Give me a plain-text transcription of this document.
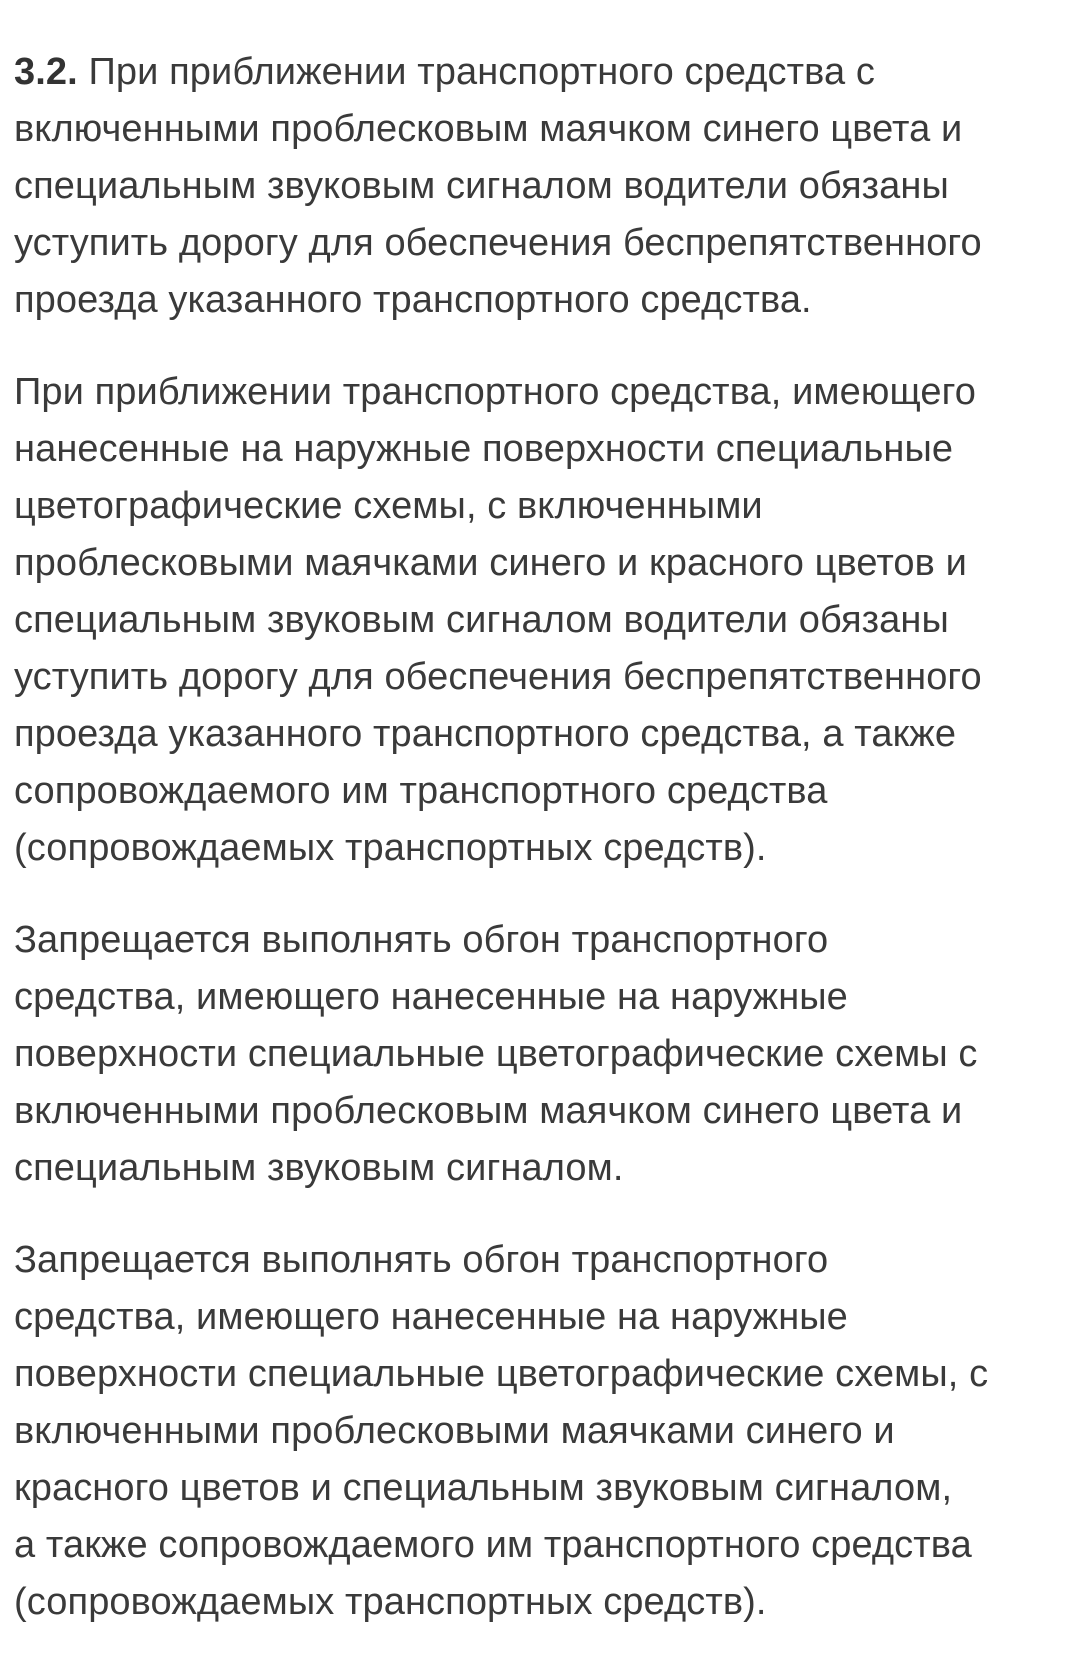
3.2. При приближении транспортного средства с
включенными проблесковым маячком синего цвета и
специальным звуковым сигналом водители обязаны
уступить дорогу для обеспечения беспрепятственного
проезда указанного транспортного средства.

При приближении транспортного средства, имеющего
нанесенные на наружные поверхности специальные
цветографические схемы, с включенными
проблесковыми маячками синего и красного цветов и
специальным звуковым сигналом водители обязаны
уступить дорогу для обеспечения беспрепятственного
проезда указанного транспортного средства, а также
сопровождаемого им транспортного средства
(сопровождаемых транспортных средств).

Запрещается выполнять обгон транспортного
средства, имеющего нанесенные на наружные
поверхности специальные цветографические схемы с
включенными проблесковым маячком синего цвета и
специальным звуковым сигналом.

Запрещается выполнять обгон транспортного
средства, имеющего нанесенные на наружные
поверхности специальные цветографические схемы, с
включенными проблесковыми маячками синего и
красного цветов и специальным звуковым сигналом,
а также сопровождаемого им транспортного средства
(сопровождаемых транспортных средств).
